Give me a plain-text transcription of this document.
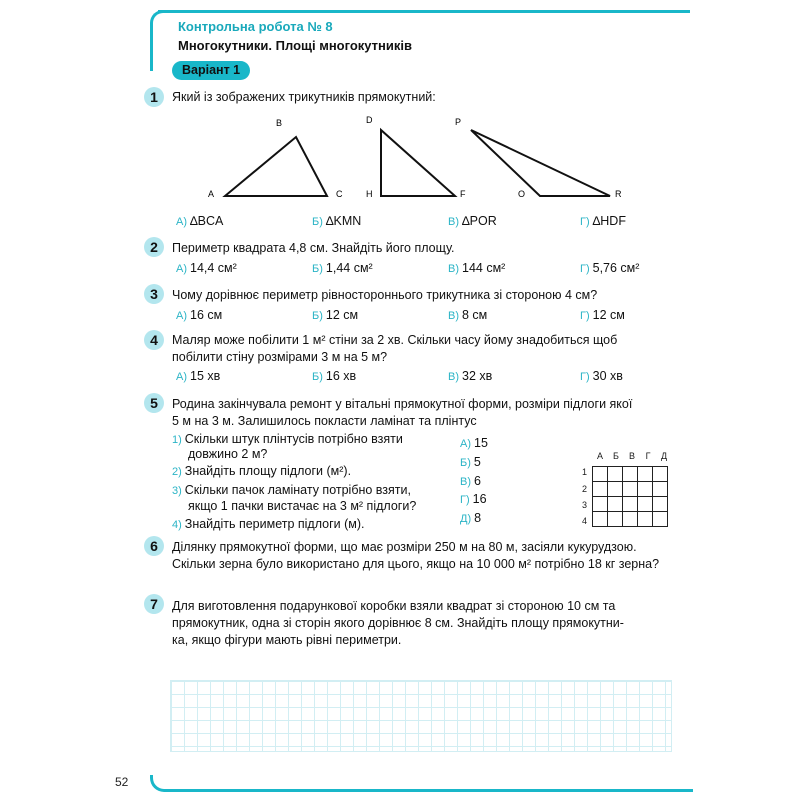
Контрольна робота № 8
Многокутники. Площі многокутників
Варіант 1
1	Який із зображених трикутників прямокутний:
B
A	C
D
H	F
P
O	R
А) ∆BCA	Б) ∆KMN	В) ∆POR	Г) ∆HDF
2	Периметр квадрата 4,8 см. Знайдіть його площу.
А) 14,4 см²	Б) 1,44 см²	В) 144 см²	Г) 5,76 см²
3	Чому дорівнює периметр рівностороннього трикутника зі стороною 4 см?
А) 16 см	Б) 12 см	В) 8 см	Г) 12 см
4	Маляр може побілити 1 м² стіни за 2 хв. Скільки часу йому знадобиться щоб
побілити стіну розмірами 3 м на 5 м?
А) 15 хв	Б) 16 хв	В) 32 хв	Г) 30 хв
5	Родина закінчувала ремонт у вітальні прямокутної форми, розміри підлоги якої
5 м на 3 м. Залишилось покласти ламінат та плінтус
1) Скільки штук плінтусів потрібно взяти
довжино 2 м?
2) Знайдіть площу підлоги (м²).
3) Скільки пачок ламінату потрібно взяти,
якщо 1 пачки вистачає на 3 м² підлоги?
4) Знайдіть периметр підлоги (м).
А) 15
Б) 5
В) 6
Г) 16
Д) 8
А	Б	В	Г	Д
1
2
3
4

6	Ділянку прямокутної форми, що має розміри 250 м на 80 м, засіяли кукурудзою.
Скільки зерна було використано для цього, якщо на 10 000 м² потрібно 18 кг зерна?
7	Для виготовлення подарункової коробки взяли квадрат зі стороною 10 см та
прямокутник, одна зі сторін якого дорівнює 8 см. Знайдіть площу прямокутни-
ка, якщо фігури мають рівні периметри.
52
